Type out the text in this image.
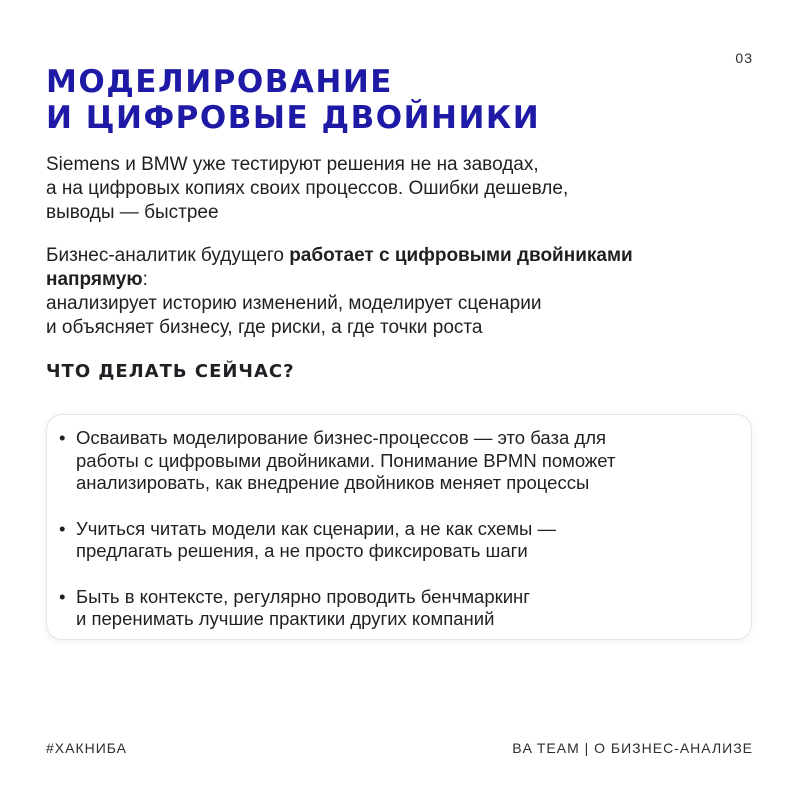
03
МОДЕЛИРОВАНИЕ
И ЦИФРОВЫЕ ДВОЙНИКИ

Siemens и BMW уже тестируют решения не на заводах,
а на цифровых копиях своих процессов. Ошибки дешевле,
выводы — быстрее

Бизнес-аналитик будущего работает с цифровыми двойниками
напрямую:
анализирует историю изменений, моделирует сценарии
и объясняет бизнесу, где риски, а где точки роста

ЧТО ДЕЛАТЬ СЕЙЧАС?
• Осваивать моделирование бизнес-процессов — это база для
работы с цифровыми двойниками. Понимание BPMN поможет
анализировать, как внедрение двойников меняет процессы
• Учиться читать модели как сценарии, а не как схемы —
предлагать решения, а не просто фиксировать шаги
• Быть в контексте, регулярно проводить бенчмаркинг
и перенимать лучшие практики других компаний
#ХАКНИБА	BA TEAM | О БИЗНЕС-АНАЛИЗЕ
